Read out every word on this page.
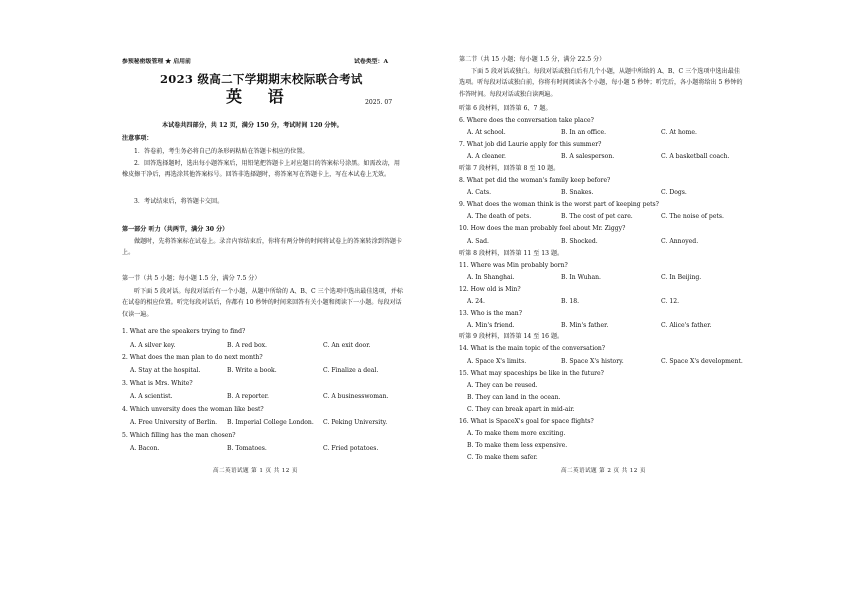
参预秘密级管理 ★ 启用前	试卷类型：A
2023 级高二下学期期末校际联合考试
英 语	2025. 07
本试卷共四部分，共 12 页，满分 150 分，考试时间 120 分钟。
注意事项：
1．答卷前，考生务必将自己的条形码粘贴在答题卡相应的位置。
2．回答选择题时，选出每小题答案后，用铅笔把答题卡上对应题目的答案标号涂黑。如需改动，用橡皮擦干净后，再选涂其他答案标号。回答非选择题时，将答案写在答题卡上，写在本试卷上无效。
3．考试结束后，将答题卡交回。
第一部分 听力（共两节，满分 30 分）
做题时，先将答案标在试卷上。录音内容结束后，你将有两分钟的时间将试卷上的答案转涂到答题卡上。
第一节（共 5 小题；每小题 1.5 分，满分 7.5 分）
听下面 5 段对话。每段对话后有一个小题，从题中所给的 A、B、C 三个选项中选出最佳选项，并标在试卷的相应位置。听完每段对话后，你都有 10 秒钟的时间来回答有关小题和阅读下一小题。每段对话仅读一遍。
1. What are the speakers trying to find?
A. A silver key.	B. A red box.	C. An exit door.
2. What does the man plan to do next month?
A. Stay at the hospital.	B. Write a book.	C. Finalize a deal.
3. What is Mrs. White?
A. A scientist.	B. A reporter.	C. A businesswoman.
4. Which unversity does the woman like best?
A. Free University of Berlin. B. Imperial College London. C. Peking University.
5. Which filling has the man chosen?
A. Bacon.	B. Tomatoes.	C. Fried potatoes.
高二英语试题 第 1 页 共 12 页
第二节（共 15 小题；每小题 1.5 分，满分 22.5 分）
下面 5 段对话或独白。每段对话或独白后有几个小题，从题中所给的 A、B、C 三个选项中选出最佳选项。听每段对话或独白前，你将有时间阅读各个小题，每小题 5 秒钟；听完后，各小题将给出 5 秒钟的作答时间。每段对话或独白读两遍。
听第 6 段材料，回答第 6、7 题。
6. Where does the conversation take place?
A. At school.	B. In an office.	C. At home.
7. What job did Laurie apply for this summer?
A. A cleaner.	B. A salesperson.	C. A basketball coach.
听第 7 段材料，回答第 8 至 10 题。
8. What pet did the woman's family keep before?
A. Cats.	B. Snakes.	C. Dogs.
9. What does the woman think is the worst part of keeping pets?
A. The death of pets.	B. The cost of pet care.	C. The noise of pets.
10. How does the man probably feel about Mr. Ziggy?
A. Sad.	B. Shocked.	C. Annoyed.
听第 8 段材料，回答第 11 至 13 题。
11. Where was Min probably born?
A. In Shanghai.	B. In Wuhan.	C. In Beijing.
12. How old is Min?
A. 24.	B. 18.	C. 12.
13. Who is the man?
A. Min's friend.	B. Min's father.	C. Alice's father.
听第 9 段材料，回答第 14 至 16 题。
14. What is the main topic of the conversation?
A. Space X's limits.	B. Space X's history.	C. Space X's development.
15. What may spaceships be like in the future?
A. They can be reused.
B. They can land in the ocean.
C. They can break apart in mid-air.
16. What is SpaceX's goal for space flights?
A. To make them more exciting.
B. To make them less expensive.
C. To make them safer.
高二英语试题 第 2 页 共 12 页
